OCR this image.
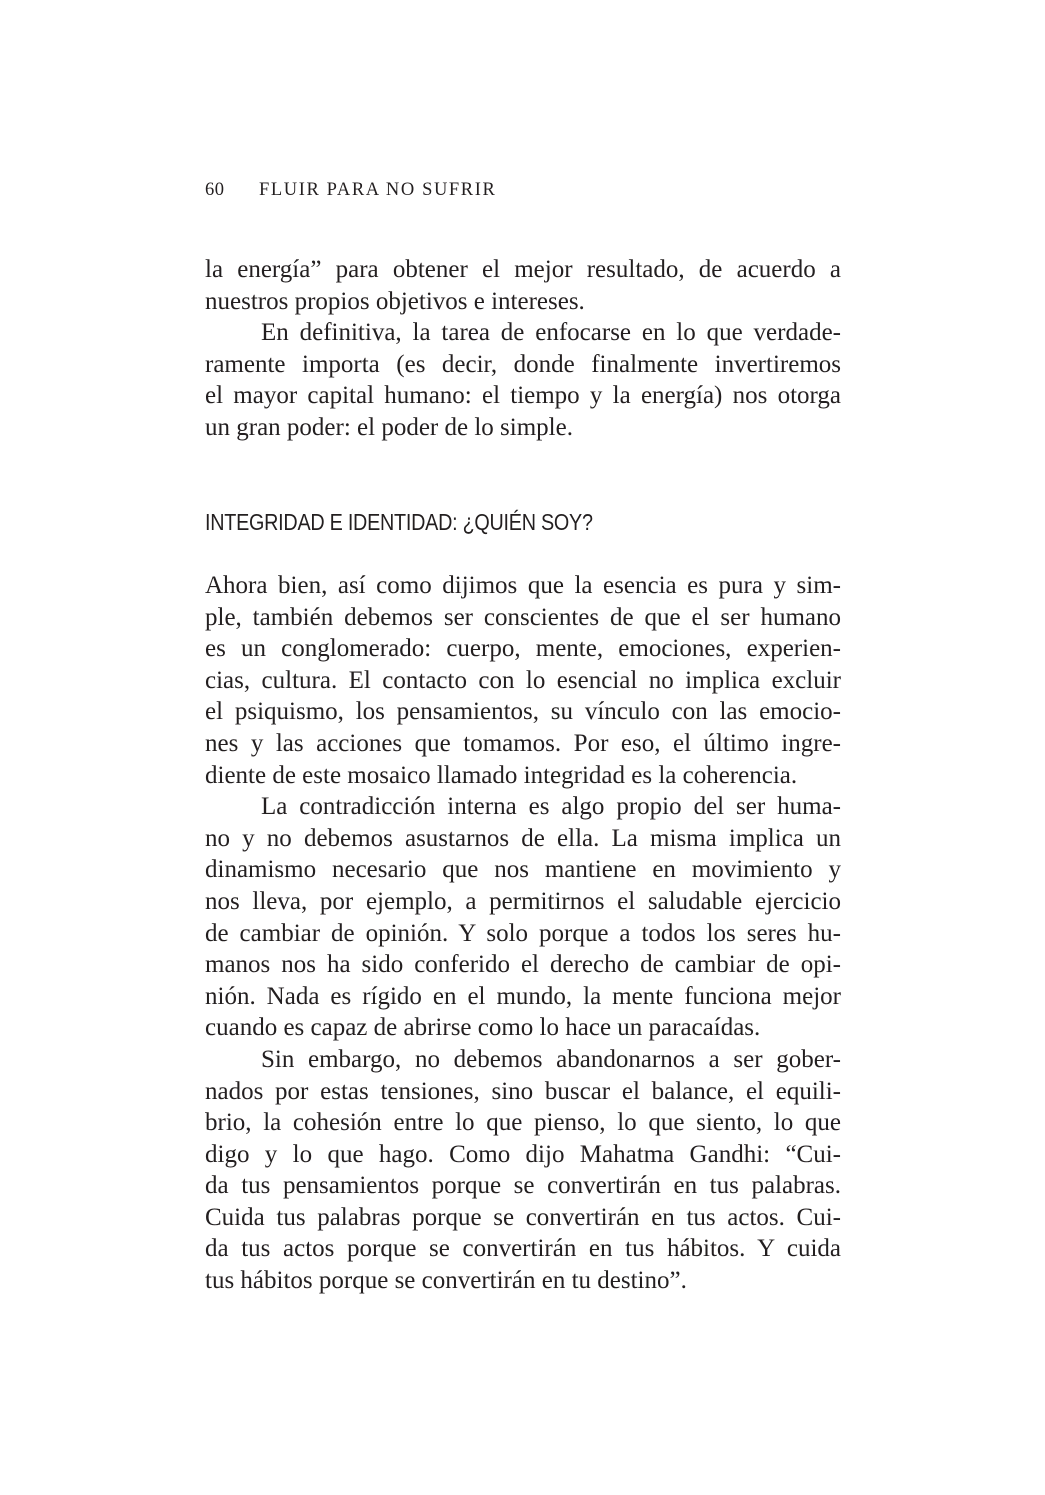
60 FLUIR PARA NO SUFRIR
la energía” para obtener el mejor resultado, de acuerdo a
nuestros propios objetivos e intereses.
En definitiva, la tarea de enfocarse en lo que verdade-
ramente importa (es decir, donde finalmente invertiremos
el mayor capital humano: el tiempo y la energía) nos otorga
un gran poder: el poder de lo simple.
INTEGRIDAD E IDENTIDAD: ¿QUIÉN SOY?
Ahora bien, así como dijimos que la esencia es pura y sim-
ple, también debemos ser conscientes de que el ser humano
es un conglomerado: cuerpo, mente, emociones, experien-
cias, cultura. El contacto con lo esencial no implica excluir
el psiquismo, los pensamientos, su vínculo con las emocio-
nes y las acciones que tomamos. Por eso, el último ingre-
diente de este mosaico llamado integridad es la coherencia.
La contradicción interna es algo propio del ser huma-
no y no debemos asustarnos de ella. La misma implica un
dinamismo necesario que nos mantiene en movimiento y
nos lleva, por ejemplo, a permitirnos el saludable ejercicio
de cambiar de opinión. Y solo porque a todos los seres hu-
manos nos ha sido conferido el derecho de cambiar de opi-
nión. Nada es rígido en el mundo, la mente funciona mejor
cuando es capaz de abrirse como lo hace un paracaídas.
Sin embargo, no debemos abandonarnos a ser gober-
nados por estas tensiones, sino buscar el balance, el equili-
brio, la cohesión entre lo que pienso, lo que siento, lo que
digo y lo que hago. Como dijo Mahatma Gandhi: “Cui-
da tus pensamientos porque se convertirán en tus palabras.
Cuida tus palabras porque se convertirán en tus actos. Cui-
da tus actos porque se convertirán en tus hábitos. Y cuida
tus hábitos porque se convertirán en tu destino”.
